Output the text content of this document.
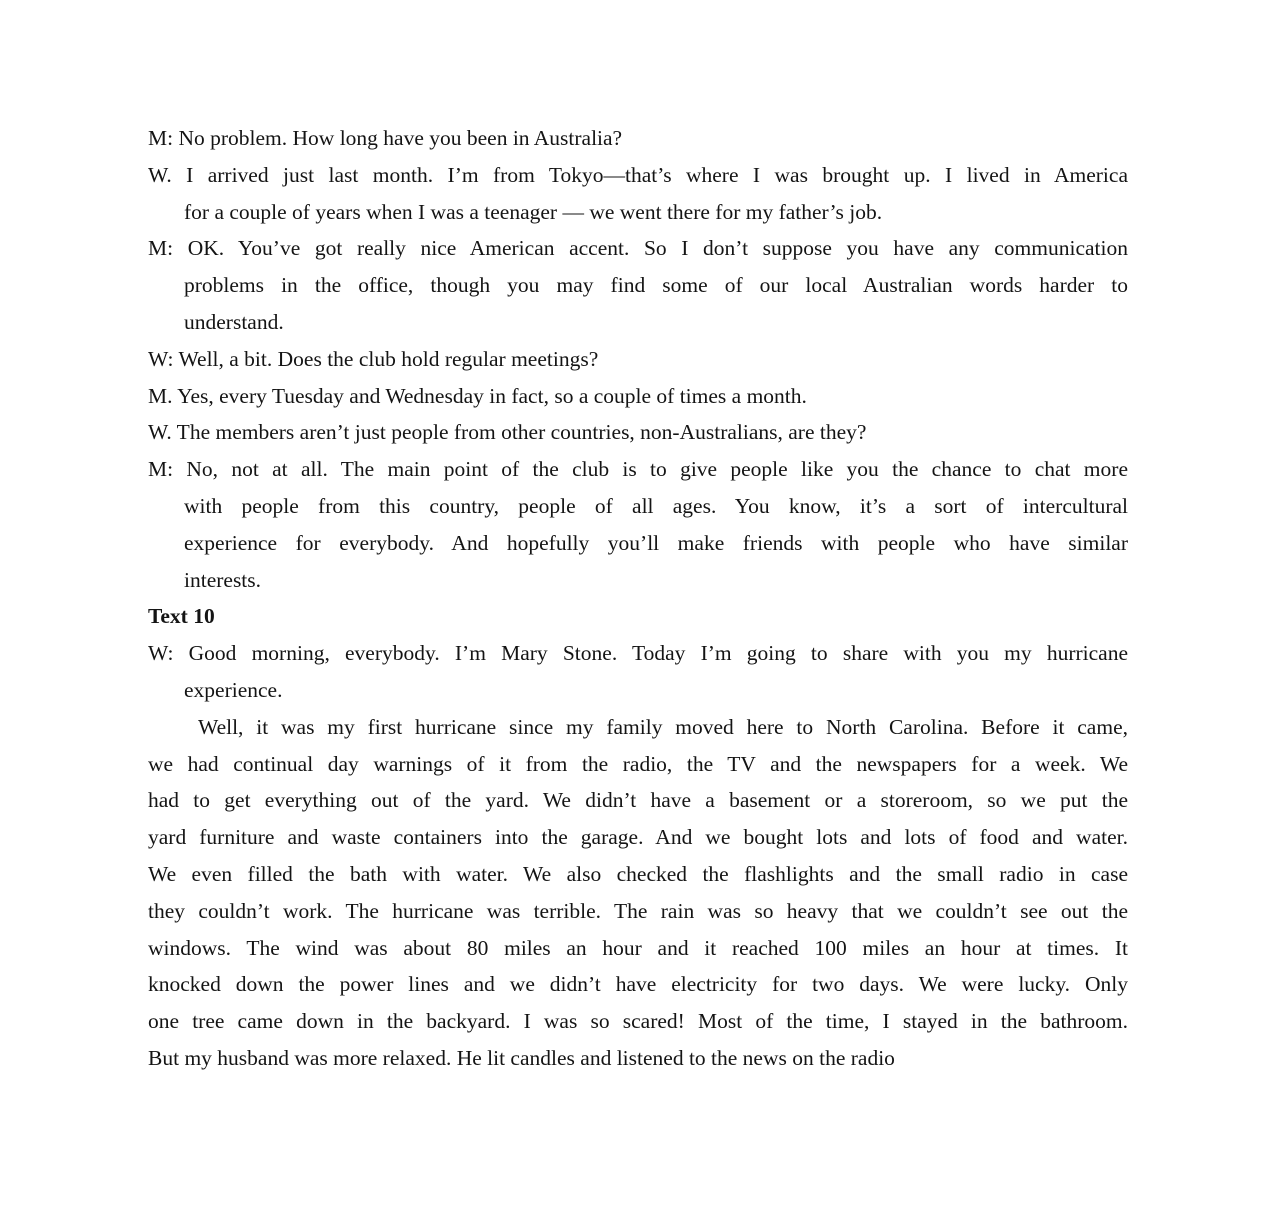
M: No problem. How long have you been in Australia?
W. I arrived just last month. I’m from Tokyo—that’s where I was brought up. I lived in America
for a couple of years when I was a teenager — we went there for my father’s job.
M: OK. You’ve got really nice American accent. So I don’t suppose you have any communication
problems in the office, though you may find some of our local Australian words harder to
understand.
W: Well, a bit. Does the club hold regular meetings?
M. Yes, every Tuesday and Wednesday in fact, so a couple of times a month.
W. The members aren’t just people from other countries, non-Australians, are they?
M: No, not at all. The main point of the club is to give people like you the chance to chat more
with people from this country, people of all ages. You know, it’s a sort of intercultural
experience for everybody. And hopefully you’ll make friends with people who have similar
interests.
Text 10
W: Good morning, everybody. I’m Mary Stone. Today I’m going to share with you my hurricane
experience.
Well, it was my first hurricane since my family moved here to North Carolina. Before it came,
we had continual day warnings of it from the radio, the TV and the newspapers for a week. We
had to get everything out of the yard. We didn’t have a basement or a storeroom, so we put the
yard furniture and waste containers into the garage. And we bought lots and lots of food and water.
We even filled the bath with water. We also checked the flashlights and the small radio in case
they couldn’t work. The hurricane was terrible. The rain was so heavy that we couldn’t see out the
windows. The wind was about 80 miles an hour and it reached 100 miles an hour at times. It
knocked down the power lines and we didn’t have electricity for two days. We were lucky. Only
one tree came down in the backyard. I was so scared! Most of the time, I stayed in the bathroom.
But my husband was more relaxed. He lit candles and listened to the news on the radio
